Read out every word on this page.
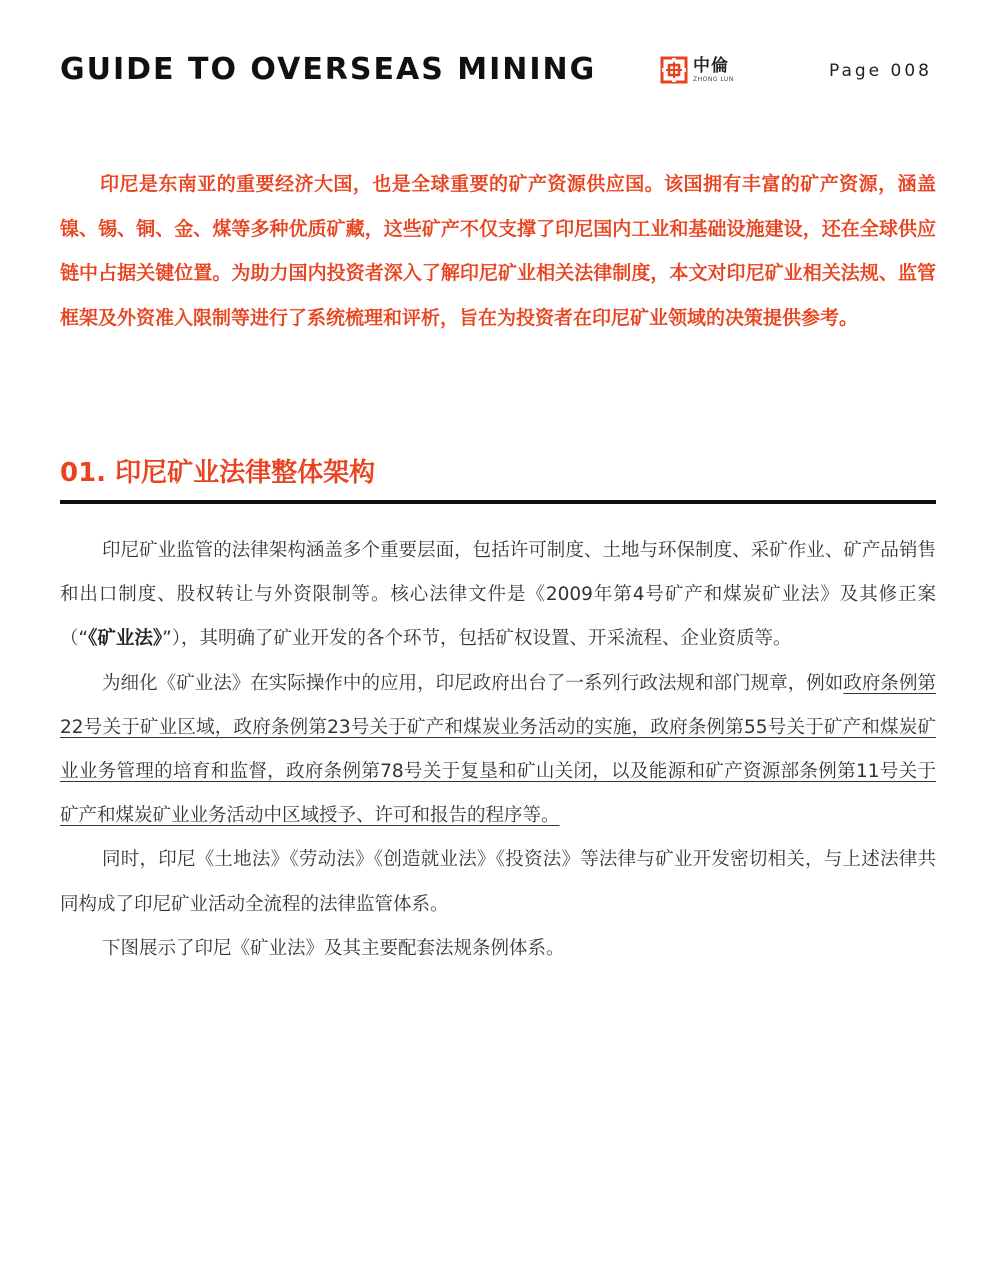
GUIDE TO OVERSEAS MINING	中倫
ZHONG LUN	Page 008

印尼是东南亚的重要经济大国，也是全球重要的矿产资源供应国。该国拥有丰富的矿产资源，涵盖镍、锡、铜、金、煤等多种优质矿藏，这些矿产不仅支撑了印尼国内工业和基础设施建设，还在全球供应链中占据关键位置。为助力国内投资者深入了解印尼矿业相关法律制度，本文对印尼矿业相关法规、监管框架及外资准入限制等进行了系统梳理和评析，旨在为投资者在印尼矿业领域的决策提供参考。

01. 印尼矿业法律整体架构

印尼矿业监管的法律架构涵盖多个重要层面，包括许可制度、土地与环保制度、采矿作业、矿产品销售和出口制度、股权转让与外资限制等。核心法律文件是《2009年第4号矿产和煤炭矿业法》及其修正案（“《矿业法》”），其明确了矿业开发的各个环节，包括矿权设置、开采流程、企业资质等。

为细化《矿业法》在实际操作中的应用，印尼政府出台了一系列行政法规和部门规章，例如政府条例第22号关于矿业区域，政府条例第23号关于矿产和煤炭业务活动的实施，政府条例第55号关于矿产和煤炭矿业业务管理的培育和监督，政府条例第78号关于复垦和矿山关闭，以及能源和矿产资源部条例第11号关于矿产和煤炭矿业业务活动中区域授予、许可和报告的程序等。

同时，印尼《土地法》《劳动法》《创造就业法》《投资法》等法律与矿业开发密切相关，与上述法律共同构成了印尼矿业活动全流程的法律监管体系。

下图展示了印尼《矿业法》及其主要配套法规条例体系。
